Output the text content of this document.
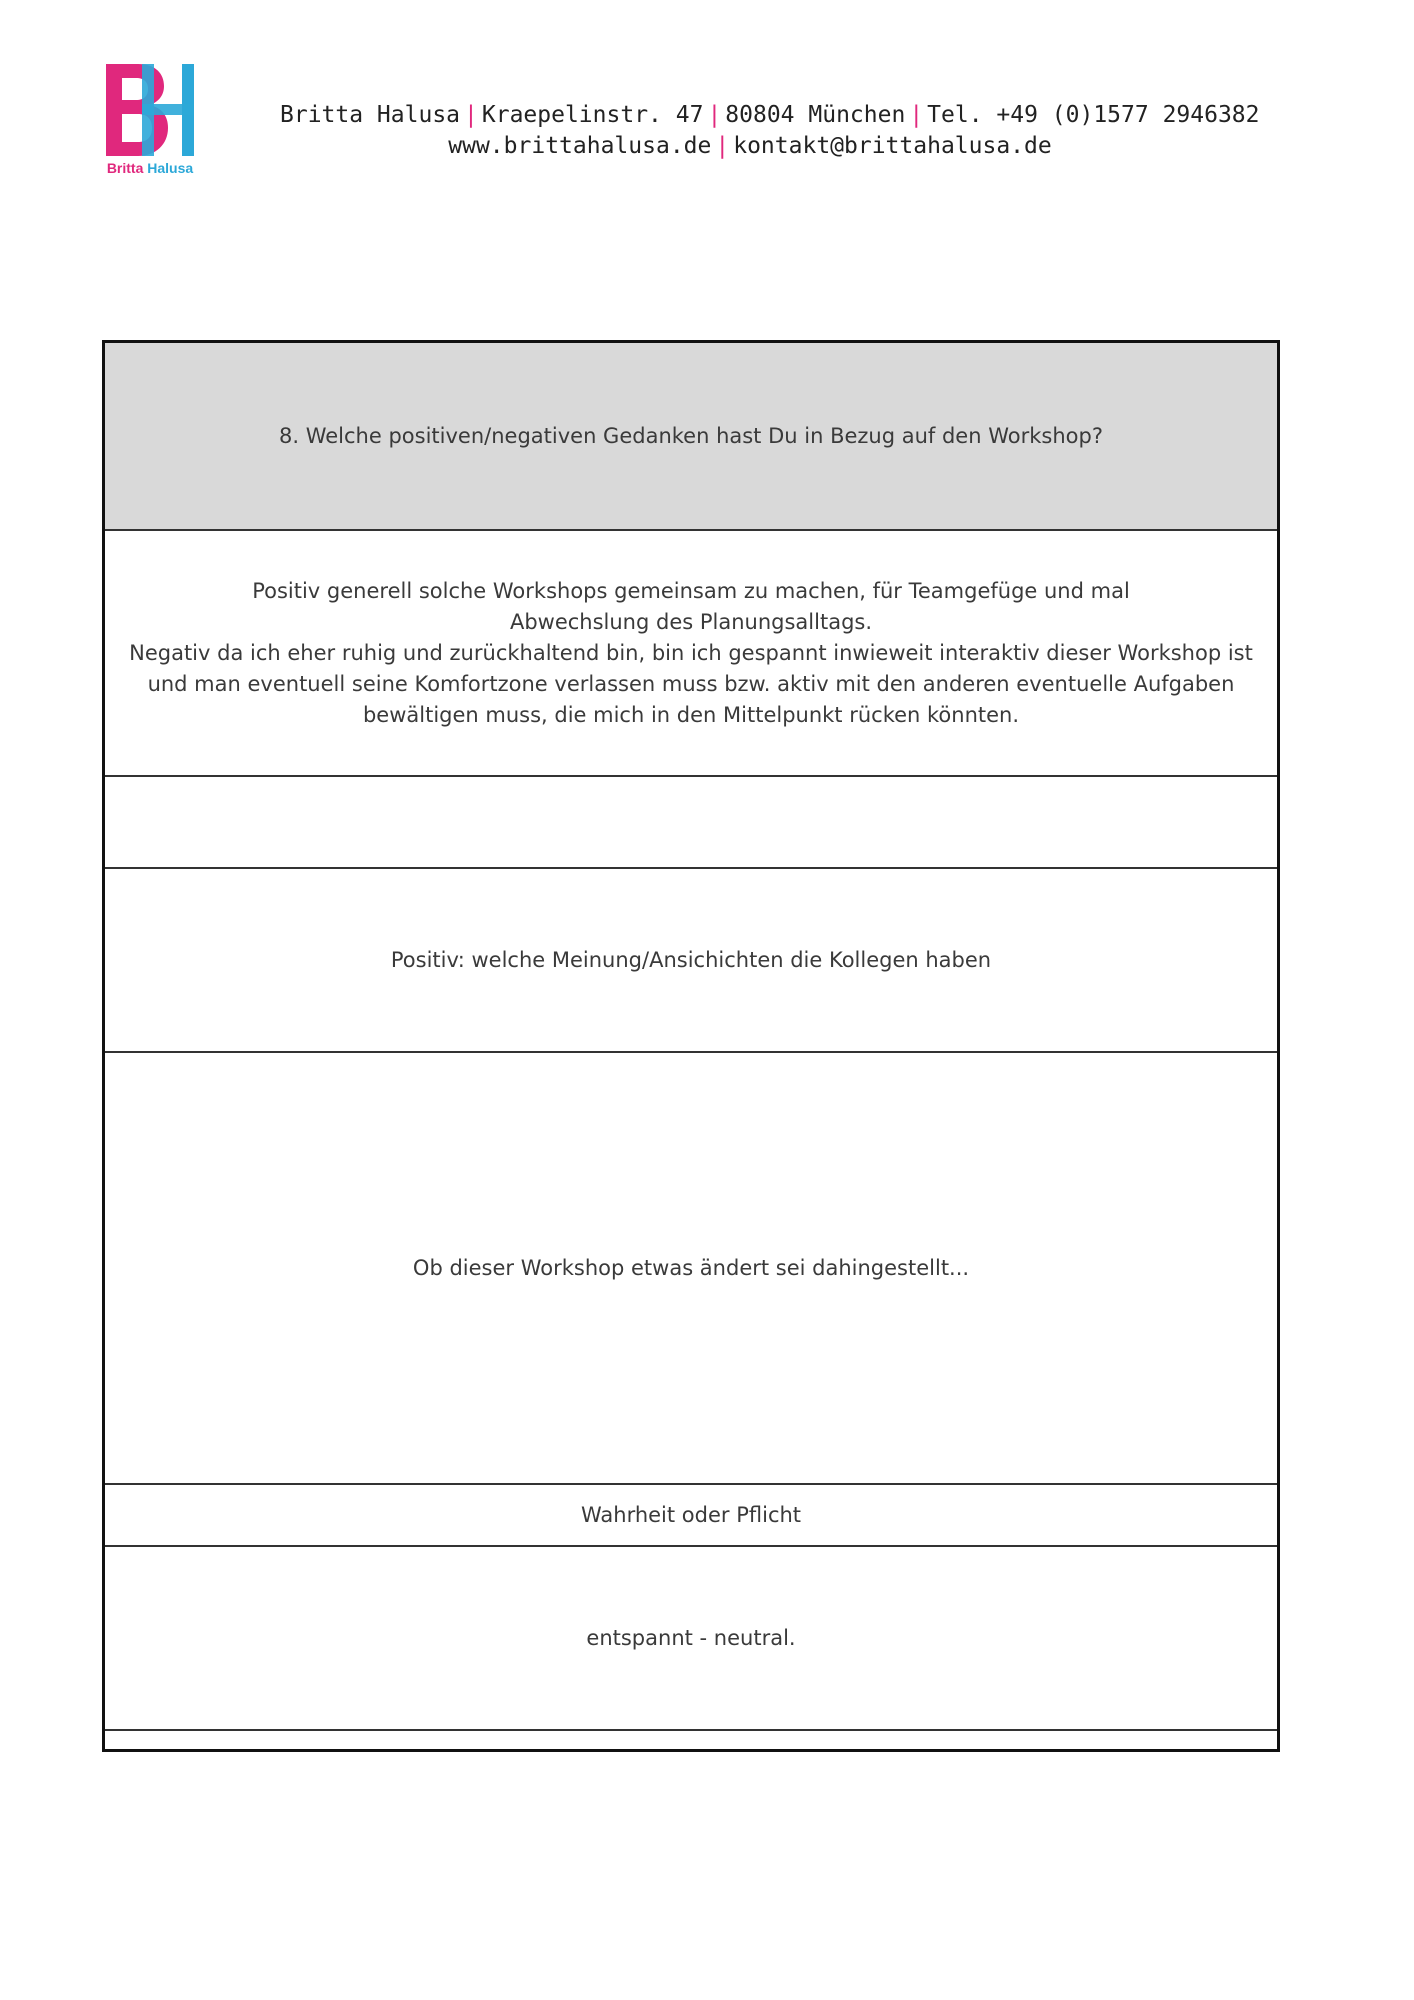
Britta Halusa
Britta Halusa | Kraepelinstr. 47 | 80804 München | Tel. +49 (0)1577 2946382
www.brittahalusa.de | kontakt@brittahalusa.de
8. Welche positiven/negativen Gedanken hast Du in Bezug auf den Workshop?
Positiv generell solche Workshops gemeinsam zu machen, für Teamgefüge und mal Abwechslung des Planungsalltags.
Negativ da ich eher ruhig und zurückhaltend bin, bin ich gespannt inwieweit interaktiv dieser Workshop ist und man eventuell seine Komfortzone verlassen muss bzw. aktiv mit den anderen eventuelle Aufgaben bewältigen muss, die mich in den Mittelpunkt rücken könnten.
Positiv: welche Meinung/Ansichichten die Kollegen haben
Ob dieser Workshop etwas ändert sei dahingestellt...
Wahrheit oder Pflicht
entspannt - neutral.
